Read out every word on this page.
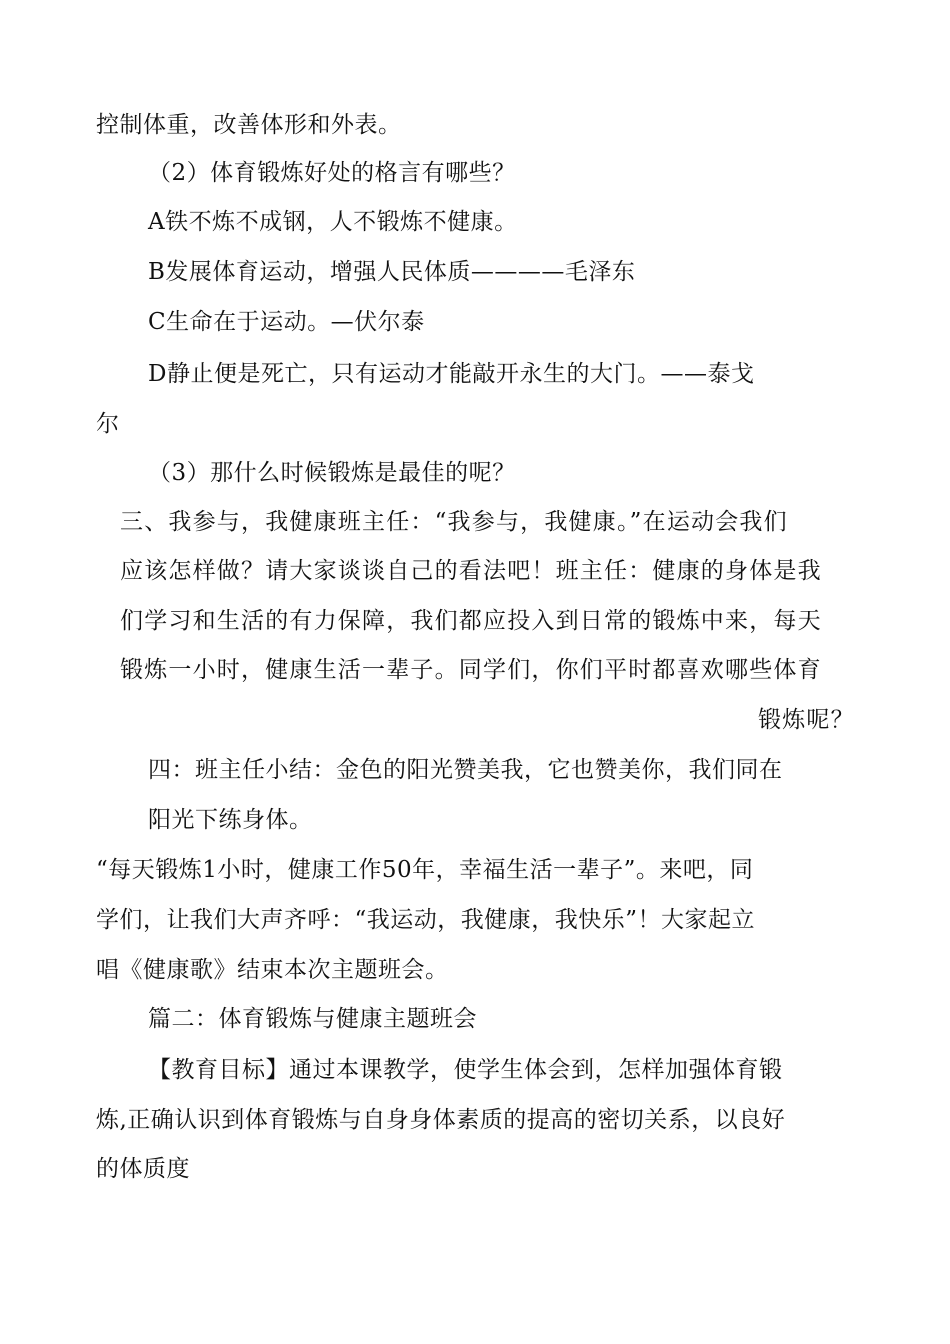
控制体重，改善体形和外表。
（2）体育锻炼好处的格言有哪些？
A铁不炼不成钢，人不锻炼不健康。
B发展体育运动，增强人民体质————毛泽东
C生命在于运动。—伏尔泰
D静止便是死亡，只有运动才能敲开永生的大门。——泰戈
尔
（3）那什么时候锻炼是最佳的呢？
三、我参与，我健康班主任：“我参与，我健康。”在运动会我们
应该怎样做？请大家谈谈自己的看法吧！班主任：健康的身体是我
们学习和生活的有力保障，我们都应投入到日常的锻炼中来，每天
锻炼一小时，健康生活一辈子。同学们，你们平时都喜欢哪些体育
锻炼呢？
四：班主任小结：金色的阳光赞美我，它也赞美你，我们同在
阳光下练身体。
“每天锻炼1小时，健康工作50年，幸福生活一辈子”。来吧，同
学们，让我们大声齐呼：“我运动，我健康，我快乐”！大家起立
唱《健康歌》结束本次主题班会。
篇二：体育锻炼与健康主题班会
【教育目标】通过本课教学，使学生体会到，怎样加强体育锻
炼,正确认识到体育锻炼与自身身体素质的提高的密切关系，以良好
的体质度
